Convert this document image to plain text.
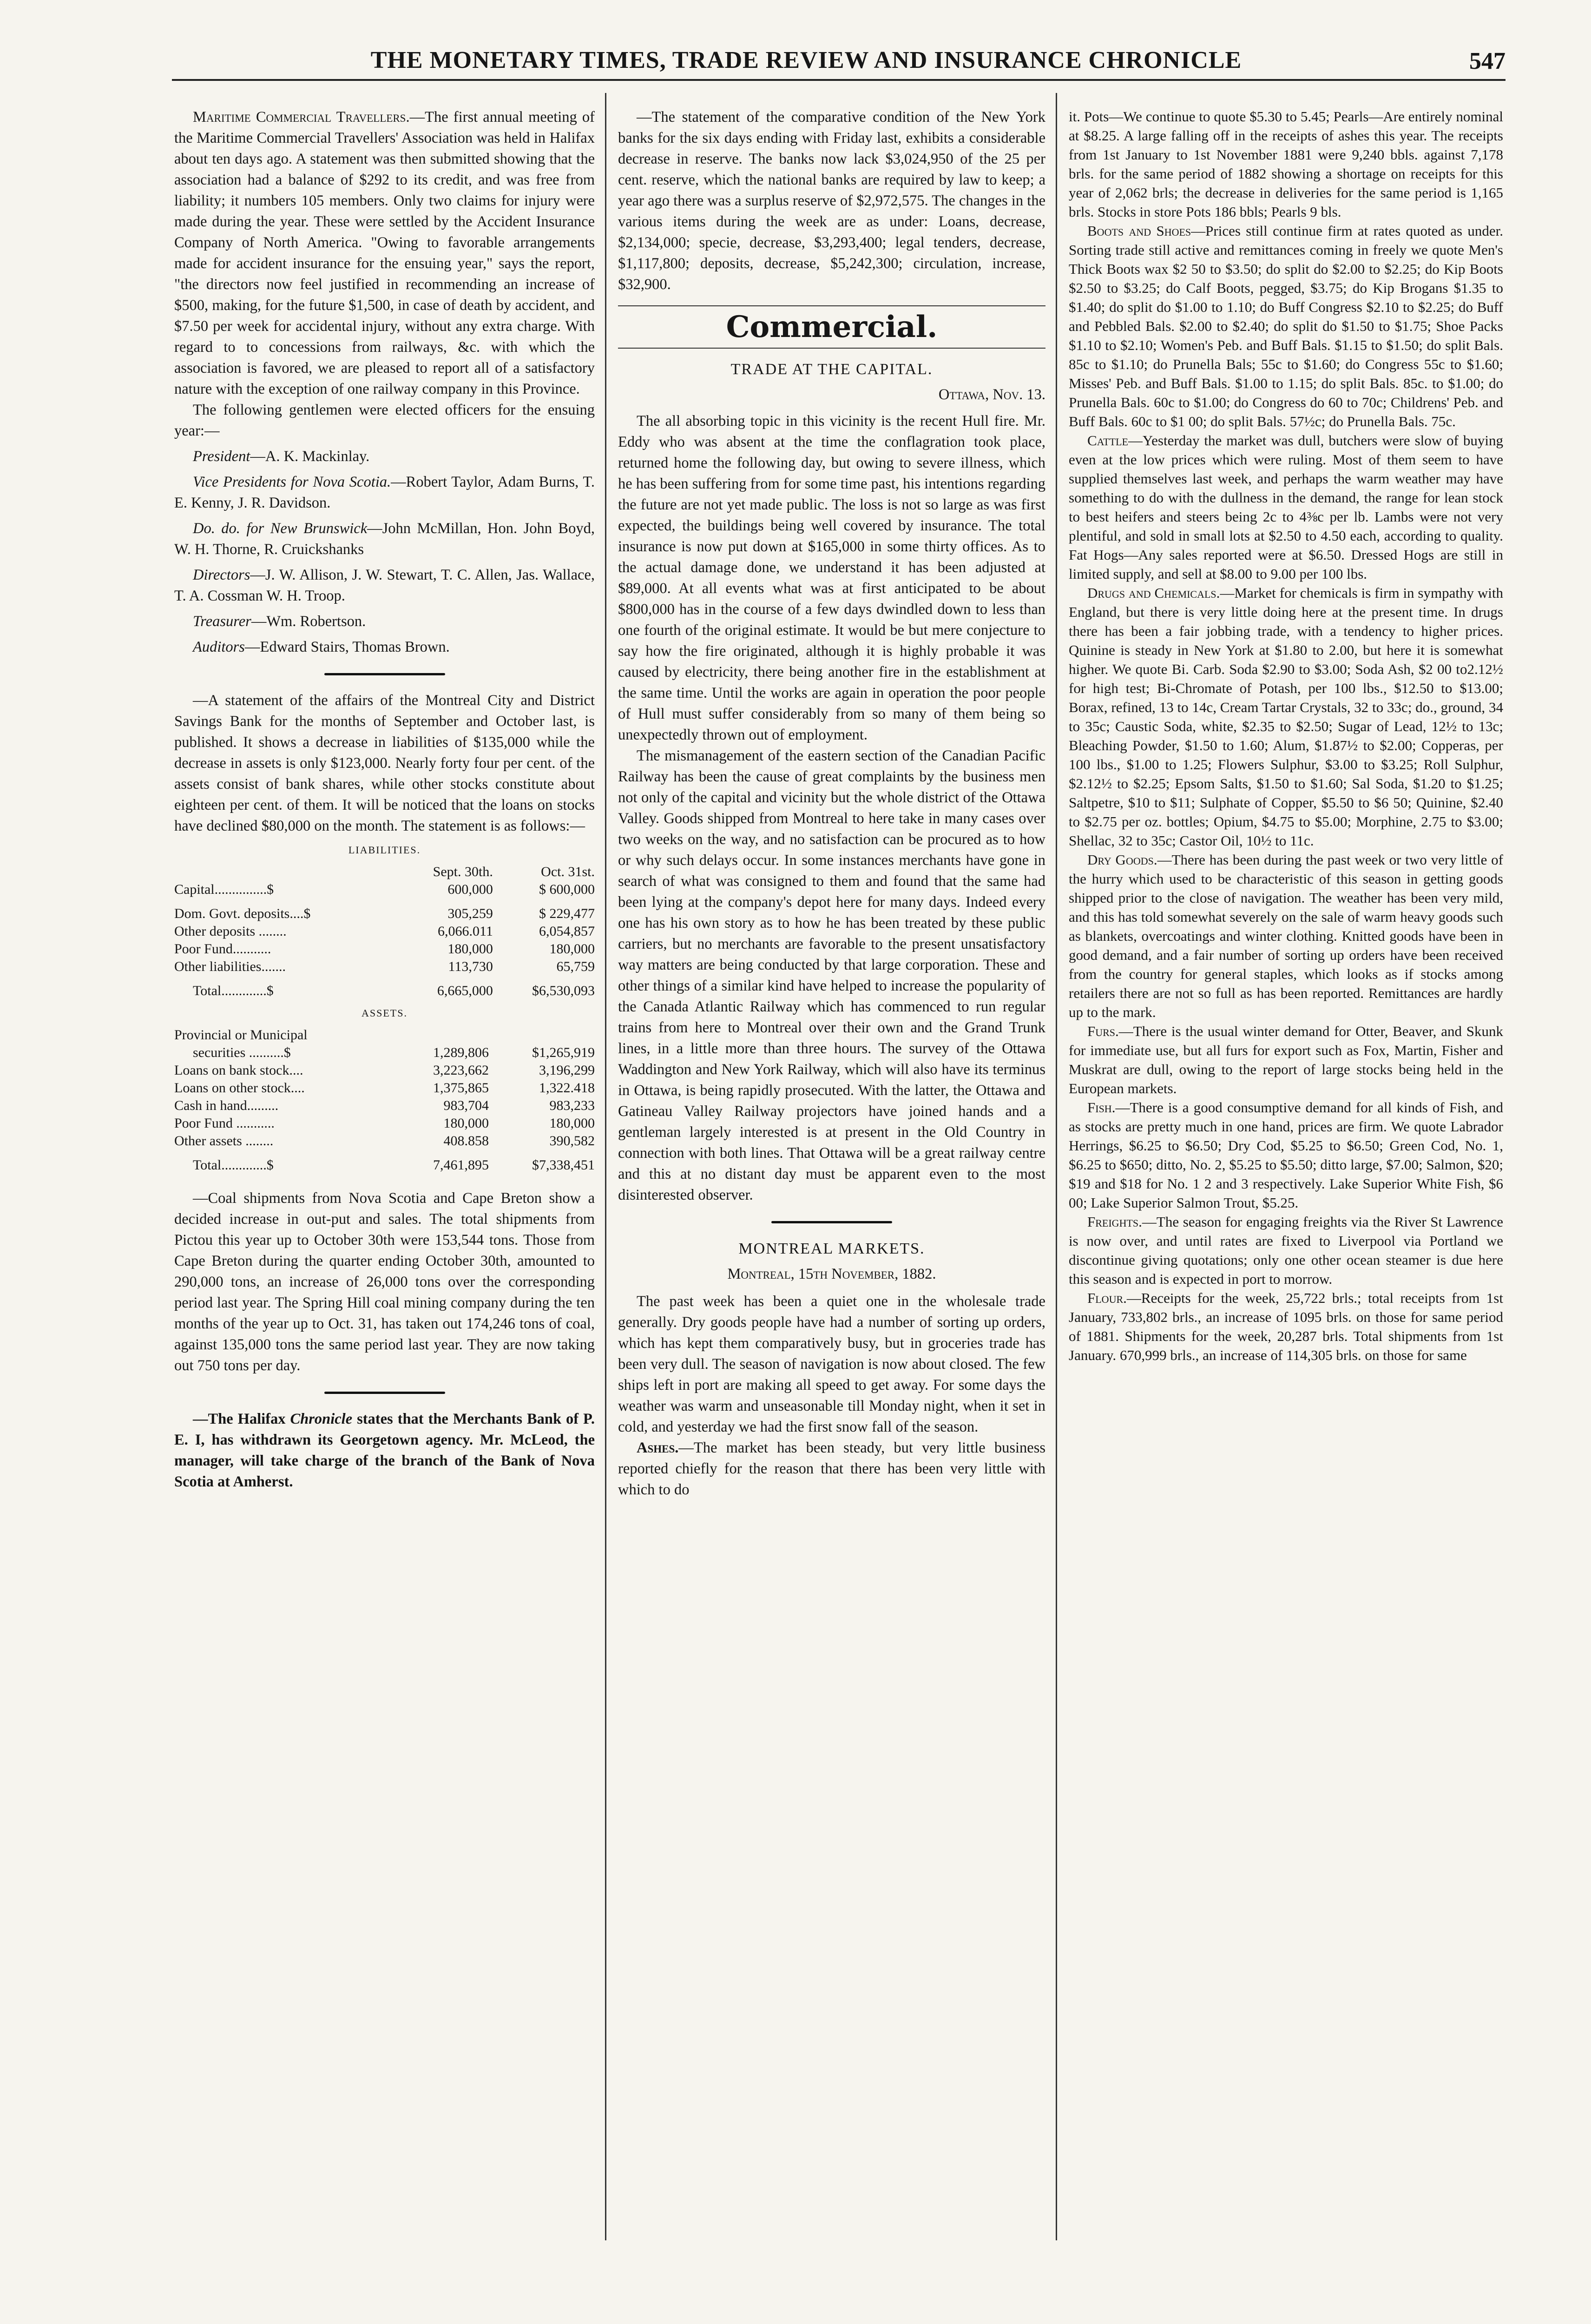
THE MONETARY TIMES, TRADE REVIEW AND INSURANCE CHRONICLE	547

Maritime Commercial Travellers.—The first annual meeting of the Maritime Commercial Travellers' Association was held in Halifax about ten days ago. A statement was then submitted showing that the association had a balance of $292 to its credit, and was free from liability; it numbers 105 members. Only two claims for injury were made during the year. These were settled by the Accident Insurance Company of North America. "Owing to favorable arrangements made for accident insurance for the ensuing year," says the report, "the directors now feel justified in recommending an increase of $500, making, for the future $1,500, in case of death by accident, and $7.50 per week for accidental injury, without any extra charge. With regard to to concessions from railways, &c. with which the association is favored, we are pleased to report all of a satisfactory nature with the exception of one railway company in this Province.

The following gentlemen were elected officers for the ensuing year:—

President—A. K. Mackinlay.
Vice Presidents for Nova Scotia.—Robert Taylor, Adam Burns, T. E. Kenny, J. R. Davidson.
Do. do. for New Brunswick—John McMillan, Hon. John Boyd, W. H. Thorne, R. Cruickshanks
Directors—J. W. Allison, J. W. Stewart, T. C. Allen, Jas. Wallace, T. A. Cossman W. H. Troop.
Treasurer—Wm. Robertson.
Auditors—Edward Stairs, Thomas Brown.

—A statement of the affairs of the Montreal City and District Savings Bank for the months of September and October last, is published. It shows a decrease in liabilities of $135,000 while the decrease in assets is only $123,000. Nearly forty four per cent. of the assets consist of bank shares, while other stocks constitute about eighteen per cent. of them. It will be noticed that the loans on stocks have declined $80,000 on the month. The statement is as follows:—

LIABILITIES.
	Sept. 30th.	Oct. 31st.
Capital...............$	600,000	$ 600,000

Dom. Govt. deposits....$	305,259	$ 229,477
Other deposits ........	6,066.011	6,054,857
Poor Fund...........	180,000	180,000
Other liabilities.......	113,730	65,759

Total.............$	6,665,000	$6,530,093
ASSETS.
Provincial or Municipal		
securities ..........$	1,289,806	$1,265,919
Loans on bank stock....	3,223,662	3,196,299
Loans on other stock....	1,375,865	1,322.418
Cash in hand.........	983,704	983,233
Poor Fund ...........	180,000	180,000
Other assets ........	408.858	390,582

Total.............$	7,461,895	$7,338,451

—Coal shipments from Nova Scotia and Cape Breton show a decided increase in out-put and sales. The total shipments from Pictou this year up to October 30th were 153,544 tons. Those from Cape Breton during the quarter ending October 30th, amounted to 290,000 tons, an increase of 26,000 tons over the corresponding period last year. The Spring Hill coal mining company during the ten months of the year up to Oct. 31, has taken out 174,246 tons of coal, against 135,000 tons the same period last year. They are now taking out 750 tons per day.

—The Halifax Chronicle states that the Merchants Bank of P. E. I, has withdrawn its Georgetown agency. Mr. McLeod, the manager, will take charge of the branch of the Bank of Nova Scotia at Amherst.

—The statement of the comparative condition of the New York banks for the six days ending with Friday last, exhibits a considerable decrease in reserve. The banks now lack $3,024,950 of the 25 per cent. reserve, which the national banks are required by law to keep; a year ago there was a surplus reserve of $2,972,575. The changes in the various items during the week are as under: Loans, decrease, $2,134,000; specie, decrease, $3,293,400; legal tenders, decrease, $1,117,800; deposits, decrease, $5,242,300; circulation, increase, $32,900.

Commercial.
TRADE AT THE CAPITAL.
Ottawa, Nov. 13.

The all absorbing topic in this vicinity is the recent Hull fire. Mr. Eddy who was absent at the time the conflagration took place, returned home the following day, but owing to severe illness, which he has been suffering from for some time past, his intentions regarding the future are not yet made public. The loss is not so large as was first expected, the buildings being well covered by insurance. The total insurance is now put down at $165,000 in some thirty offices. As to the actual damage done, we understand it has been adjusted at $89,000. At all events what was at first anticipated to be about $800,000 has in the course of a few days dwindled down to less than one fourth of the original estimate. It would be but mere conjecture to say how the fire originated, although it is highly probable it was caused by electricity, there being another fire in the establishment at the same time. Until the works are again in operation the poor people of Hull must suffer considerably from so many of them being so unexpectedly thrown out of employment.

The mismanagement of the eastern section of the Canadian Pacific Railway has been the cause of great complaints by the business men not only of the capital and vicinity but the whole district of the Ottawa Valley. Goods shipped from Montreal to here take in many cases over two weeks on the way, and no satisfaction can be procured as to how or why such delays occur. In some instances merchants have gone in search of what was consigned to them and found that the same had been lying at the company's depot here for many days. Indeed every one has his own story as to how he has been treated by these public carriers, but no merchants are favorable to the present unsatisfactory way matters are being conducted by that large corporation. These and other things of a similar kind have helped to increase the popularity of the Canada Atlantic Railway which has commenced to run regular trains from here to Montreal over their own and the Grand Trunk lines, in a little more than three hours. The survey of the Ottawa Waddington and New York Railway, which will also have its terminus in Ottawa, is being rapidly prosecuted. With the latter, the Ottawa and Gatineau Valley Railway projectors have joined hands and a gentleman largely interested is at present in the Old Country in connection with both lines. That Ottawa will be a great railway centre and this at no distant day must be apparent even to the most disinterested observer.

MONTREAL MARKETS.
Montreal, 15th November, 1882.

The past week has been a quiet one in the wholesale trade generally. Dry goods people have had a number of sorting up orders, which has kept them comparatively busy, but in groceries trade has been very dull. The season of navigation is now about closed. The few ships left in port are making all speed to get away. For some days the weather was warm and unseasonable till Monday night, when it set in cold, and yesterday we had the first snow fall of the season.

Ashes.—The market has been steady, but very little business reported chiefly for the reason that there has been very little with which to do

it. Pots—We continue to quote $5.30 to 5.45; Pearls—Are entirely nominal at $8.25. A large falling off in the receipts of ashes this year. The receipts from 1st January to 1st November 1881 were 9,240 bbls. against 7,178 brls. for the same period of 1882 showing a shortage on receipts for this year of 2,062 brls; the decrease in deliveries for the same period is 1,165 brls. Stocks in store Pots 186 bbls; Pearls 9 bls.

Boots and Shoes—Prices still continue firm at rates quoted as under. Sorting trade still active and remittances coming in freely we quote Men's Thick Boots wax $2 50 to $3.50; do split do $2.00 to $2.25; do Kip Boots $2.50 to $3.25; do Calf Boots, pegged, $3.75; do Kip Brogans $1.35 to $1.40; do split do $1.00 to 1.10; do Buff Congress $2.10 to $2.25; do Buff and Pebbled Bals. $2.00 to $2.40; do split do $1.50 to $1.75; Shoe Packs $1.10 to $2.10; Women's Peb. and Buff Bals. $1.15 to $1.50; do split Bals. 85c to $1.10; do Prunella Bals; 55c to $1.60; do Congress 55c to $1.60; Misses' Peb. and Buff Bals. $1.00 to 1.15; do split Bals. 85c. to $1.00; do Prunella Bals. 60c to $1.00; do Congress do 60 to 70c; Childrens' Peb. and Buff Bals. 60c to $1 00; do split Bals. 57½c; do Prunella Bals. 75c.

Cattle—Yesterday the market was dull, butchers were slow of buying even at the low prices which were ruling. Most of them seem to have supplied themselves last week, and perhaps the warm weather may have something to do with the dullness in the demand, the range for lean stock to best heifers and steers being 2c to 4⅜c per lb. Lambs were not very plentiful, and sold in small lots at $2.50 to 4.50 each, according to quality. Fat Hogs—Any sales reported were at $6.50. Dressed Hogs are still in limited supply, and sell at $8.00 to 9.00 per 100 lbs.

Drugs and Chemicals.—Market for chemicals is firm in sympathy with England, but there is very little doing here at the present time. In drugs there has been a fair jobbing trade, with a tendency to higher prices. Quinine is steady in New York at $1.80 to 2.00, but here it is somewhat higher. We quote Bi. Carb. Soda $2.90 to $3.00; Soda Ash, $2 00 to2.12½ for high test; Bi-Chromate of Potash, per 100 lbs., $12.50 to $13.00; Borax, refined, 13 to 14c, Cream Tartar Crystals, 32 to 33c; do., ground, 34 to 35c; Caustic Soda, white, $2.35 to $2.50; Sugar of Lead, 12½ to 13c; Bleaching Powder, $1.50 to 1.60; Alum, $1.87½ to $2.00; Copperas, per 100 lbs., $1.00 to 1.25; Flowers Sulphur, $3.00 to $3.25; Roll Sulphur, $2.12½ to $2.25; Epsom Salts, $1.50 to $1.60; Sal Soda, $1.20 to $1.25; Saltpetre, $10 to $11; Sulphate of Copper, $5.50 to $6 50; Quinine, $2.40 to $2.75 per oz. bottles; Opium, $4.75 to $5.00; Morphine, 2.75 to $3.00; Shellac, 32 to 35c; Castor Oil, 10½ to 11c.

Dry Goods.—There has been during the past week or two very little of the hurry which used to be characteristic of this season in getting goods shipped prior to the close of navigation. The weather has been very mild, and this has told somewhat severely on the sale of warm heavy goods such as blankets, overcoatings and winter clothing. Knitted goods have been in good demand, and a fair number of sorting up orders have been received from the country for general staples, which looks as if stocks among retailers there are not so full as has been reported. Remittances are hardly up to the mark.

Furs.—There is the usual winter demand for Otter, Beaver, and Skunk for immediate use, but all furs for export such as Fox, Martin, Fisher and Muskrat are dull, owing to the report of large stocks being held in the European markets.

Fish.—There is a good consumptive demand for all kinds of Fish, and as stocks are pretty much in one hand, prices are firm. We quote Labrador Herrings, $6.25 to $6.50; Dry Cod, $5.25 to $6.50; Green Cod, No. 1, $6.25 to $650; ditto, No. 2, $5.25 to $5.50; ditto large, $7.00; Salmon, $20; $19 and $18 for No. 1 2 and 3 respectively. Lake Superior White Fish, $6 00; Lake Superior Salmon Trout, $5.25.

Freights.—The season for engaging freights via the River St Lawrence is now over, and until rates are fixed to Liverpool via Portland we discontinue giving quotations; only one other ocean steamer is due here this season and is expected in port to morrow.

Flour.—Receipts for the week, 25,722 brls.; total receipts from 1st January, 733,802 brls., an increase of 1095 brls. on those for same period of 1881. Shipments for the week, 20,287 brls. Total shipments from 1st January. 670,999 brls., an increase of 114,305 brls. on those for same
